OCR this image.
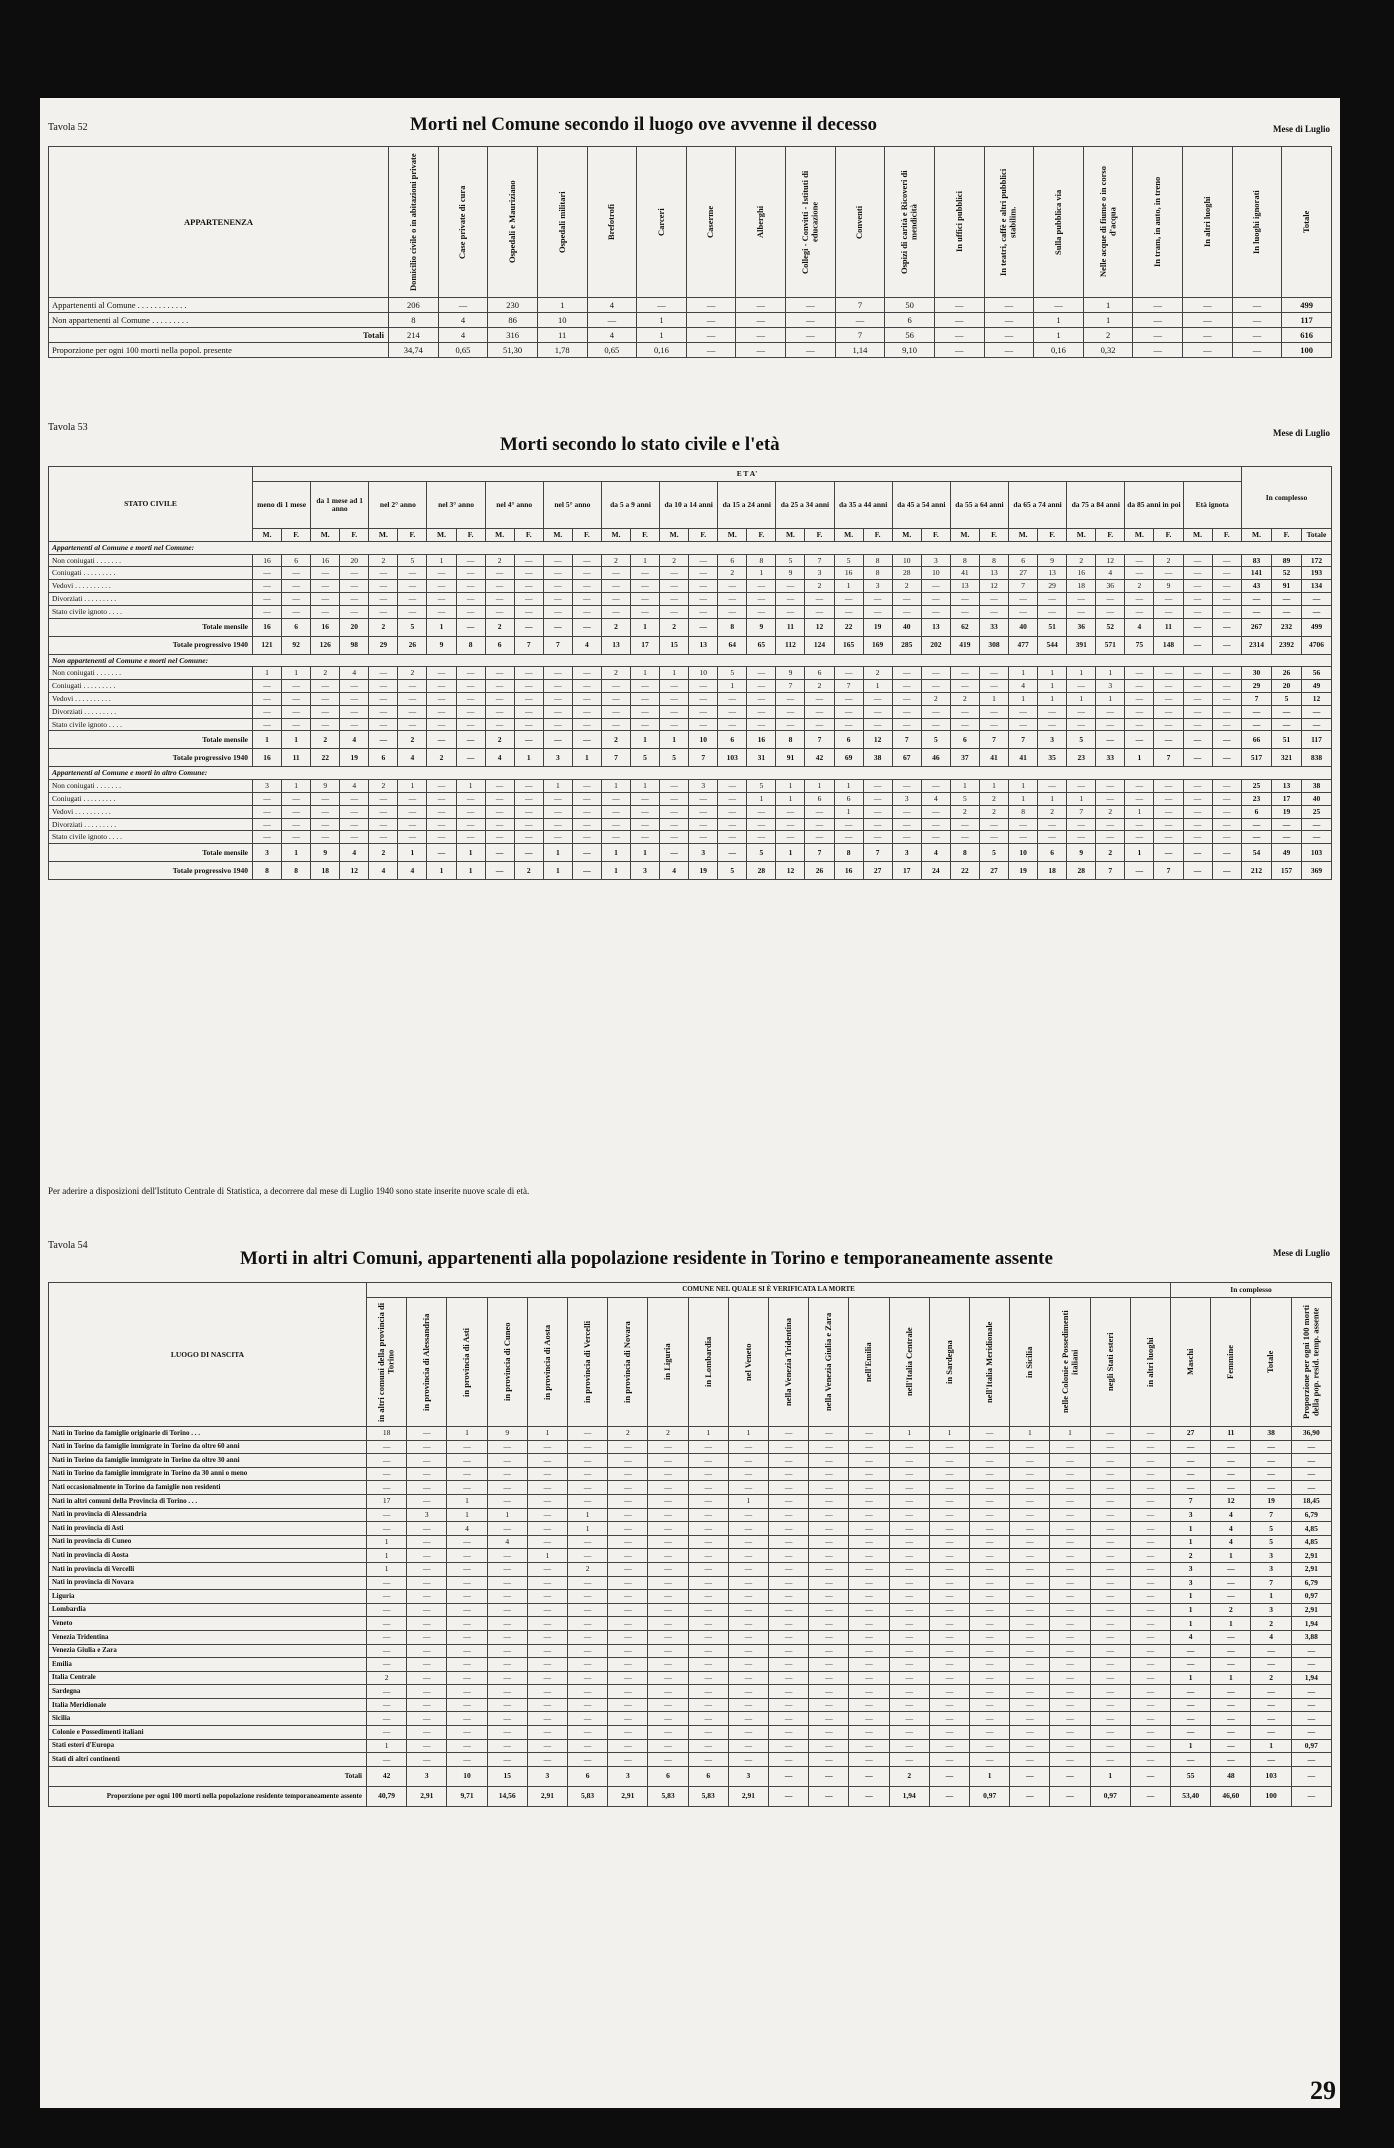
Tavola 52	Morti nel Comune secondo il luogo ove avvenne il decesso	Mese di Luglio
APPARTENENZA	Domicilio civile o in abitazioni private	Case private di cura	Ospedali e Mauriziano	Ospedali militari	Brefotrofi	Carceri	Caserme	Alberghi	Collegi - Convitti - Istituti di educazione	Conventi	Ospizi di carità e Ricoveri di mendicità	In uffici pubblici	In teatri, caffè e altri pubblici stabilim.	Sulla pubblica via	Nelle acque di fiume o in corso d'acqua	In tram, in auto, in treno	In altri luoghi	In luoghi ignorati	Totale

Appartenenti al Comune . . . . . . . . . . . .	206	—	230	1	4	—	—	—	—	7	50	—	—	—	1	—	—	—	499
Non appartenenti al Comune . . . . . . . . .	8	4	86	10	—	1	—	—	—	—	6	—	—	1	1	—	—	—	117
Totali	214	4	316	11	4	1	—	—	—	7	56	—	—	1	2	—	—	—	616
Proporzione per ogni 100 morti nella popol. presente	34,74	0,65	51,30	1,78	0,65	0,16	—	—	—	1,14	9,10	—	—	0,16	0,32	—	—	—	100
Tavola 53
Morti secondo lo stato civile e l'età
Mese di Luglio
STATO CIVILE	E T A'																																		In complesso		
	meno di 1 mese		da 1 mese ad 1 anno		nel 2° anno		nel 3° anno		nel 4° anno		nel 5° anno		da 5 a 9 anni		da 10 a 14 anni		da 15 a 24 anni		da 25 a 34 anni		da 35 a 44 anni		da 45 a 54 anni		da 55 a 64 anni		da 65 a 74 anni		da 75 a 84 anni		da 85 anni in poi		Età ignota				
	M.	F.	M.	F.	M.	F.	M.	F.	M.	F.	M.	F.	M.	F.	M.	F.	M.	F.	M.	F.	M.	F.	M.	F.	M.	F.	M.	F.	M.	F.	M.	F.	M.	F.	M.	F.	Totale
Appartenenti al Comune e morti nel Comune:																																					
Non coniugati . . . . . . .	16	6	16	20	2	5	1	—	2	—	—	—	2	1	2	—	6	8	5	7	5	8	10	3	8	8	6	9	2	12	—	2	—	—	83	89	172
Coniugati . . . . . . . . .	—	—	—	—	—	—	—	—	—	—	—	—	—	—	—	—	2	1	9	3	16	8	28	10	41	13	27	13	16	4	—	—	—	—	141	52	193
Vedovi . . . . . . . . . .	—	—	—	—	—	—	—	—	—	—	—	—	—	—	—	—	—	—	—	2	1	3	2	—	13	12	7	29	18	36	2	9	—	—	43	91	134
Divorziati . . . . . . . . .	—	—	—	—	—	—	—	—	—	—	—	—	—	—	—	—	—	—	—	—	—	—	—	—	—	—	—	—	—	—	—	—	—	—	—	—	—
Stato civile ignoto . . . .	—	—	—	—	—	—	—	—	—	—	—	—	—	—	—	—	—	—	—	—	—	—	—	—	—	—	—	—	—	—	—	—	—	—	—	—	—
Totale mensile	16	6	16	20	2	5	1	—	2	—	—	—	2	1	2	—	8	9	11	12	22	19	40	13	62	33	40	51	36	52	4	11	—	—	267	232	499
Totale progressivo 1940	121	92	126	98	29	26	9	8	6	7	7	4	13	17	15	13	64	65	112	124	165	169	285	202	419	308	477	544	391	571	75	148	—	—	2314	2392	4706
Non appartenenti al Comune e morti nel Comune:																																					
Non coniugati . . . . . . .	1	1	2	4	—	2	—	—	—	—	—	—	2	1	1	10	5	—	9	6	—	2	—	—	—	—	1	1	1	1	—	—	—	—	30	26	56
Coniugati . . . . . . . . .	—	—	—	—	—	—	—	—	—	—	—	—	—	—	—	—	1	—	7	2	7	1	—	—	—	—	4	1	—	3	—	—	—	—	29	20	49
Vedovi . . . . . . . . . .	—	—	—	—	—	—	—	—	—	—	—	—	—	—	—	—	—	—	—	—	—	—	—	2	2	1	1	1	1	1	—	—	—	—	7	5	12
Divorziati . . . . . . . . .	—	—	—	—	—	—	—	—	—	—	—	—	—	—	—	—	—	—	—	—	—	—	—	—	—	—	—	—	—	—	—	—	—	—	—	—	—
Stato civile ignoto . . . .	—	—	—	—	—	—	—	—	—	—	—	—	—	—	—	—	—	—	—	—	—	—	—	—	—	—	—	—	—	—	—	—	—	—	—	—	—
Totale mensile	1	1	2	4	—	2	—	—	2	—	—	—	2	1	1	10	6	16	8	7	6	12	7	5	6	7	7	3	5	—	—	—	—	—	66	51	117
Totale progressivo 1940	16	11	22	19	6	4	2	—	4	1	3	1	7	5	5	7	103	31	91	42	69	38	67	46	37	41	41	35	23	33	1	7	—	—	517	321	838
Appartenenti al Comune e morti in altro Comune:																																					
Non coniugati . . . . . . .	3	1	9	4	2	1	—	1	—	—	1	—	1	1	—	3	—	5	1	1	1	—	—	—	1	1	1	—	—	—	—	—	—	—	25	13	38
Coniugati . . . . . . . . .	—	—	—	—	—	—	—	—	—	—	—	—	—	—	—	—	—	1	1	6	6	—	3	4	5	2	1	1	1	—	—	—	—	—	23	17	40
Vedovi . . . . . . . . . .	—	—	—	—	—	—	—	—	—	—	—	—	—	—	—	—	—	—	—	—	1	—	—	—	2	2	8	2	7	2	1	—	—	—	6	19	25
Divorziati . . . . . . . . .	—	—	—	—	—	—	—	—	—	—	—	—	—	—	—	—	—	—	—	—	—	—	—	—	—	—	—	—	—	—	—	—	—	—	—	—	—
Stato civile ignoto . . . .	—	—	—	—	—	—	—	—	—	—	—	—	—	—	—	—	—	—	—	—	—	—	—	—	—	—	—	—	—	—	—	—	—	—	—	—	—
Totale mensile	3	1	9	4	2	1	—	1	—	—	1	—	1	1	—	3	—	5	1	7	8	7	3	4	8	5	10	6	9	2	1	—	—	—	54	49	103
Totale progressivo 1940	8	8	18	12	4	4	1	1	—	2	1	—	1	3	4	19	5	28	12	26	16	27	17	24	22	27	19	18	28	7	—	7	—	—	212	157	369
Per aderire a disposizioni dell'Istituto Centrale di Statistica, a decorrere dal mese di Luglio 1940 sono state inserite nuove scale di età.
Tavola 54
Morti in altri Comuni, appartenenti alla popolazione residente in Torino e temporaneamente assente	Mese di Luglio
LUOGO DI NASCITA	COMUNE NEL QUALE SI È VERIFICATA LA MORTE																				In complesso			

	in altri comuni della provincia di Torino	in provincia di Alessandria	in provincia di Asti	in provincia di Cuneo	in provincia di Aosta	in provincia di Vercelli	in provincia di Novara	in Liguria	in Lombardia	nel Veneto	nella Venezia Tridentina	nella Venezia Giulia e Zara	nell'Emilia	nell'Italia Centrale	in Sardegna	nell'Italia Meridionale	in Sicilia	nelle Colonie e Possedimenti italiani	negli Stati esteri	in altri luoghi	Maschi	Femmine	Totale	Proporzione per ogni 100 morti della pop. resid. temp. assente

Nati in Torino da famiglie originarie di Torino . . .	18	—	1	9	1	—	2	2	1	1	—	—	—	1	1	—	1	1	—	—	27	11	38	36,90
Nati in Torino da famiglie immigrate in Torino da oltre 60 anni	—	—	—	—	—	—	—	—	—	—	—	—	—	—	—	—	—	—	—	—	—	—	—	—
Nati in Torino da famiglie immigrate in Torino da oltre 30 anni	—	—	—	—	—	—	—	—	—	—	—	—	—	—	—	—	—	—	—	—	—	—	—	—
Nati in Torino da famiglie immigrate in Torino da 30 anni o meno	—	—	—	—	—	—	—	—	—	—	—	—	—	—	—	—	—	—	—	—	—	—	—	—
Nati occasionalmente in Torino da famiglie non residenti	—	—	—	—	—	—	—	—	—	—	—	—	—	—	—	—	—	—	—	—	—	—	—	—
Nati in altri comuni della Provincia di Torino . . .	17	—	1	—	—	—	—	—	—	1	—	—	—	—	—	—	—	—	—	—	7	12	19	18,45
Nati in provincia di Alessandria	—	3	1	1	—	1	—	—	—	—	—	—	—	—	—	—	—	—	—	—	3	4	7	6,79
Nati in provincia di Asti	—	—	4	—	—	1	—	—	—	—	—	—	—	—	—	—	—	—	—	—	1	4	5	4,85
Nati in provincia di Cuneo	1	—	—	4	—	—	—	—	—	—	—	—	—	—	—	—	—	—	—	—	1	4	5	4,85
Nati in provincia di Aosta	1	—	—	—	1	—	—	—	—	—	—	—	—	—	—	—	—	—	—	—	2	1	3	2,91
Nati in provincia di Vercelli	1	—	—	—	—	2	—	—	—	—	—	—	—	—	—	—	—	—	—	—	3	—	3	2,91
Nati in provincia di Novara	—	—	—	—	—	—	—	—	—	—	—	—	—	—	—	—	—	—	—	—	3	—	7	6,79
Liguria	—	—	—	—	—	—	—	—	—	—	—	—	—	—	—	—	—	—	—	—	1	—	1	0,97
Lombardia	—	—	—	—	—	—	—	—	—	—	—	—	—	—	—	—	—	—	—	—	1	2	3	2,91
Veneto	—	—	—	—	—	—	—	—	—	—	—	—	—	—	—	—	—	—	—	—	1	1	2	1,94
Venezia Tridentina	—	—	—	—	—	—	—	—	—	—	—	—	—	—	—	—	—	—	—	—	4	—	4	3,88
Venezia Giulia e Zara	—	—	—	—	—	—	—	—	—	—	—	—	—	—	—	—	—	—	—	—	—	—	—	—
Emilia	—	—	—	—	—	—	—	—	—	—	—	—	—	—	—	—	—	—	—	—	—	—	—	—
Italia Centrale	2	—	—	—	—	—	—	—	—	—	—	—	—	—	—	—	—	—	—	—	1	1	2	1,94
Sardegna	—	—	—	—	—	—	—	—	—	—	—	—	—	—	—	—	—	—	—	—	—	—	—	—
Italia Meridionale	—	—	—	—	—	—	—	—	—	—	—	—	—	—	—	—	—	—	—	—	—	—	—	—
Sicilia	—	—	—	—	—	—	—	—	—	—	—	—	—	—	—	—	—	—	—	—	—	—	—	—
Colonie e Possedimenti italiani	—	—	—	—	—	—	—	—	—	—	—	—	—	—	—	—	—	—	—	—	—	—	—	—
Stati esteri d'Europa	1	—	—	—	—	—	—	—	—	—	—	—	—	—	—	—	—	—	—	—	1	—	1	0,97
Stati di altri continenti	—	—	—	—	—	—	—	—	—	—	—	—	—	—	—	—	—	—	—	—	—	—	—	—
Totali	42	3	10	15	3	6	3	6	6	3	—	—	—	2	—	1	—	—	1	—	55	48	103	—
Proporzione per ogni 100 morti nella popolazione residente temporaneamente assente	40,79	2,91	9,71	14,56	2,91	5,83	2,91	5,83	5,83	2,91	—	—	—	1,94	—	0,97	—	—	0,97	—	53,40	46,60	100	—
29
